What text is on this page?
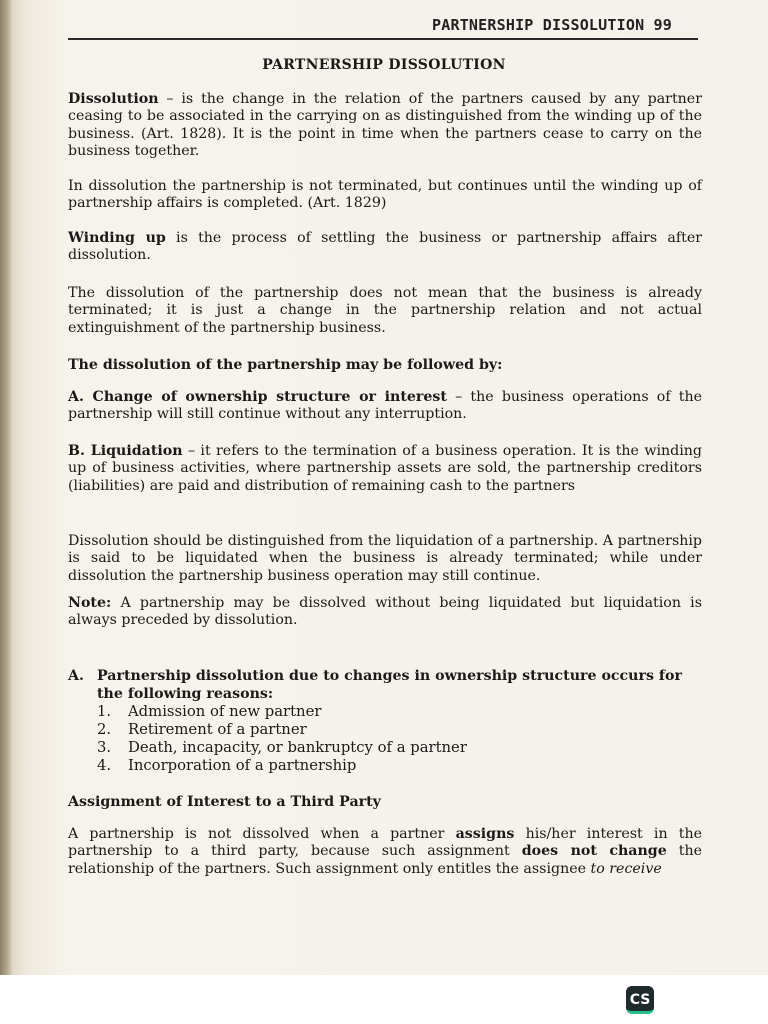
PARTNERSHIP DISSOLUTION 99
PARTNERSHIP DISSOLUTION

Dissolution – is the change in the relation of the partners caused by any partner ceasing to be associated in the carrying on as distinguished from the winding up of the business. (Art. 1828). It is the point in time when the partners cease to carry on the business together.

In dissolution the partnership is not terminated, but continues until the winding up of partnership affairs is completed. (Art. 1829)

Winding up is the process of settling the business or partnership affairs after dissolution.

The dissolution of the partnership does not mean that the business is already terminated; it is just a change in the partnership relation and not actual extinguishment of the partnership business.

The dissolution of the partnership may be followed by:

A. Change of ownership structure or interest – the business operations of the partnership will still continue without any interruption.

B. Liquidation – it refers to the termination of a business operation. It is the winding up of business activities, where partnership assets are sold, the partnership creditors (liabilities) are paid and distribution of remaining cash to the partners

Dissolution should be distinguished from the liquidation of a partnership. A partnership is said to be liquidated when the business is already terminated; while under dissolution the partnership business operation may still continue.

Note: A partnership may be dissolved without being liquidated but liquidation is always preceded by dissolution.

A. Partnership dissolution due to changes in ownership structure occurs for
the following reasons:
1. Admission of new partner
2. Retirement of a partner
3. Death, incapacity, or bankruptcy of a partner
4. Incorporation of a partnership

Assignment of Interest to a Third Party

A partnership is not dissolved when a partner assigns his/her interest in the partnership to a third party, because such assignment does not change the relationship of the partners. Such assignment only entitles the assignee to receive

CS
